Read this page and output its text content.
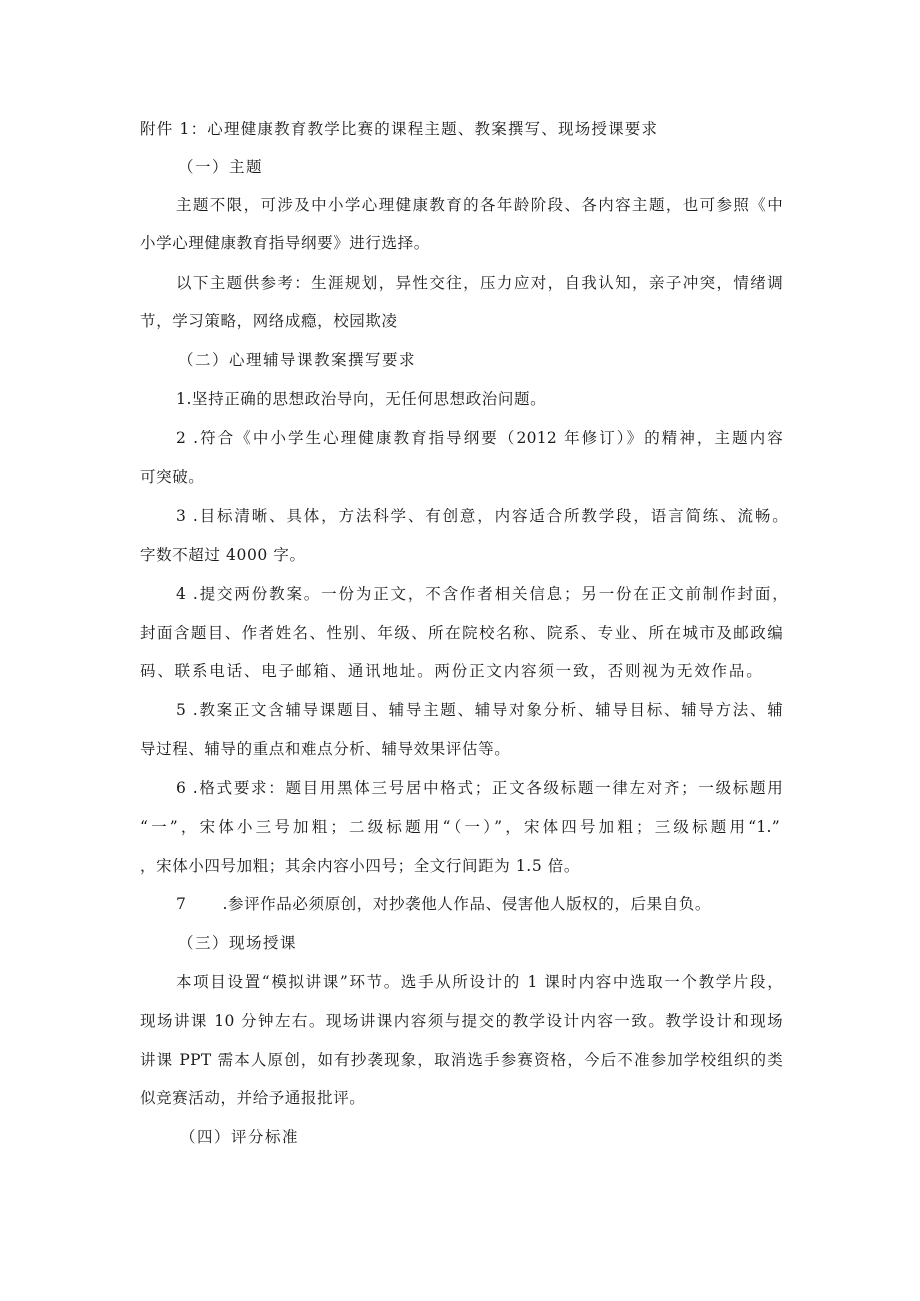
附件 1：心理健康教育教学比赛的课程主题、教案撰写、现场授课要求
（一）主题
主题不限，可涉及中小学心理健康教育的各年龄阶段、各内容主题，也可参照《中
小学心理健康教育指导纲要》进行选择。
以下主题供参考：生涯规划，异性交往，压力应对，自我认知，亲子冲突，情绪调
节，学习策略，网络成瘾，校园欺凌
（二）心理辅导课教案撰写要求
1.坚持正确的思想政治导向，无任何思想政治问题。
2 .符合《中小学生心理健康教育指导纲要（2012 年修订）》的精神，主题内容
可突破。
3 .目标清晰、具体，方法科学、有创意，内容适合所教学段，语言简练、流畅。
字数不超过 4000 字。
4 .提交两份教案。一份为正文，不含作者相关信息；另一份在正文前制作封面，
封面含题目、作者姓名、性别、年级、所在院校名称、院系、专业、所在城市及邮政编
码、联系电话、电子邮箱、通讯地址。两份正文内容须一致，否则视为无效作品。
5 .教案正文含辅导课题目、辅导主题、辅导对象分析、辅导目标、辅导方法、辅
导过程、辅导的重点和难点分析、辅导效果评估等。
6 .格式要求：题目用黑体三号居中格式；正文各级标题一律左对齐；一级标题用
“一”，宋体小三号加粗；二级标题用“（一）”，宋体四号加粗；三级标题用“1.”
，宋体小四号加粗；其余内容小四号；全文行间距为 1.5 倍。
7 .参评作品必须原创，对抄袭他人作品、侵害他人版权的，后果自负。
（三）现场授课
本项目设置“模拟讲课”环节。选手从所设计的 1 课时内容中选取一个教学片段，
现场讲课 10 分钟左右。现场讲课内容须与提交的教学设计内容一致。教学设计和现场
讲课 PPT 需本人原创，如有抄袭现象，取消选手参赛资格，今后不准参加学校组织的类
似竞赛活动，并给予通报批评。
（四）评分标准
